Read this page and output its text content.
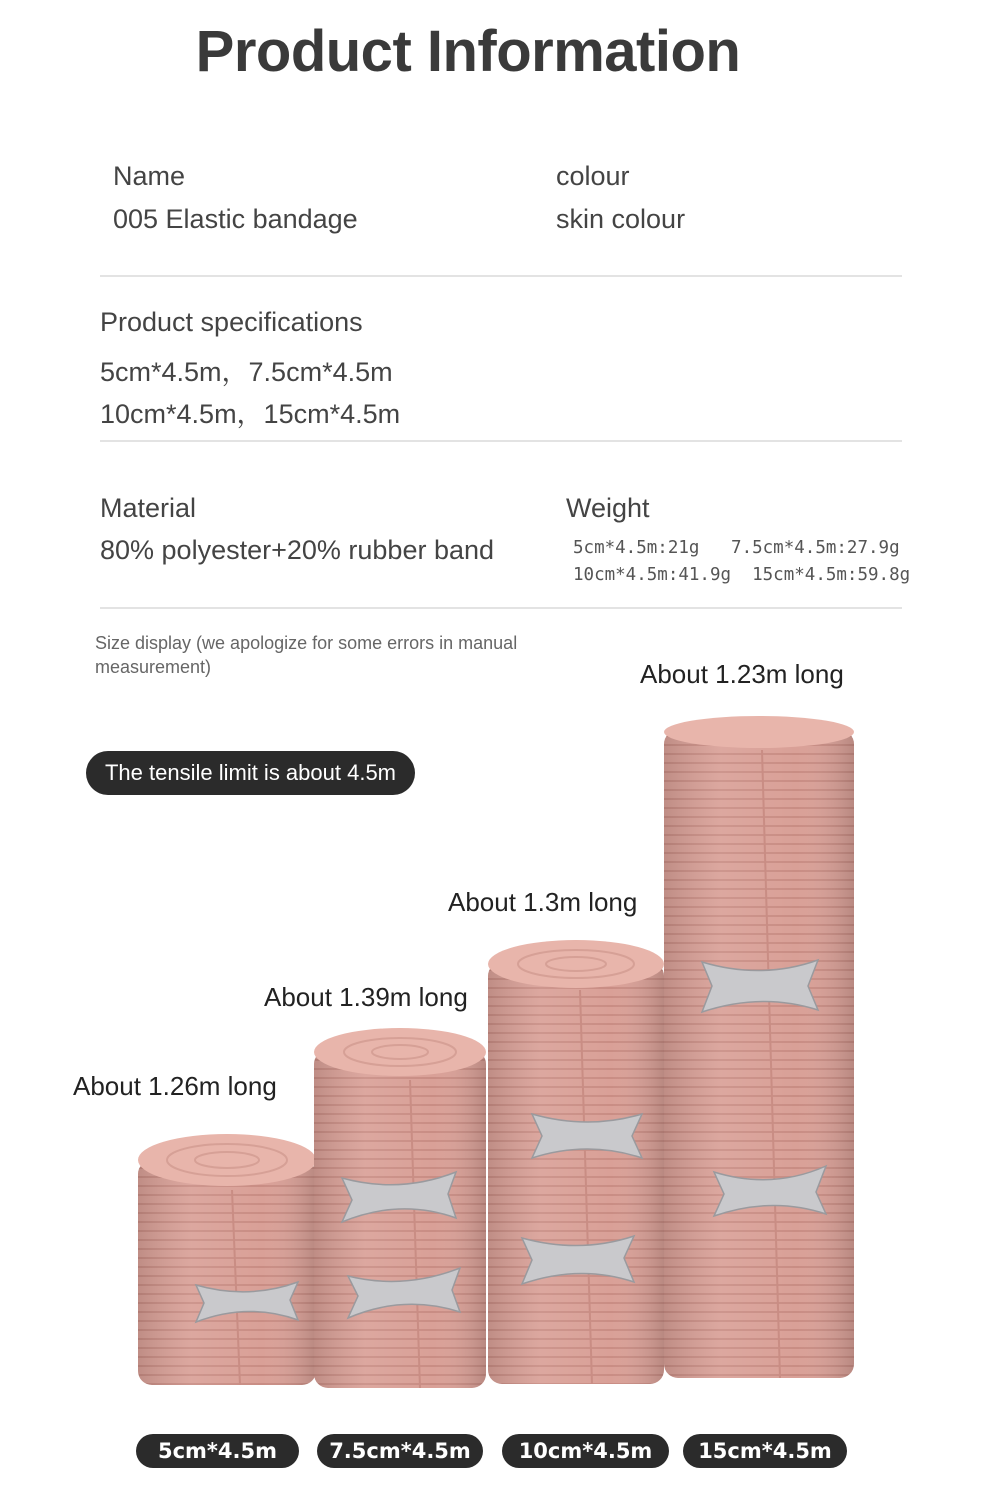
Product Information
Name
005 Elastic bandage
colour
skin colour
Product specifications
5cm*4.5m，7.5cm*4.5m
10cm*4.5m，15cm*4.5m
Material
80% polyester+20% rubber band
Weight
5cm*4.5m:21g   7.5cm*4.5m:27.9g
10cm*4.5m:41.9g  15cm*4.5m:59.8g
Size display (we apologize for some errors in manual measurement)
The tensile limit is about 4.5m
About 1.26m long
About 1.39m long
About 1.3m long
About 1.23m long
5cm*4.5m	7.5cm*4.5m	10cm*4.5m	15cm*4.5m
